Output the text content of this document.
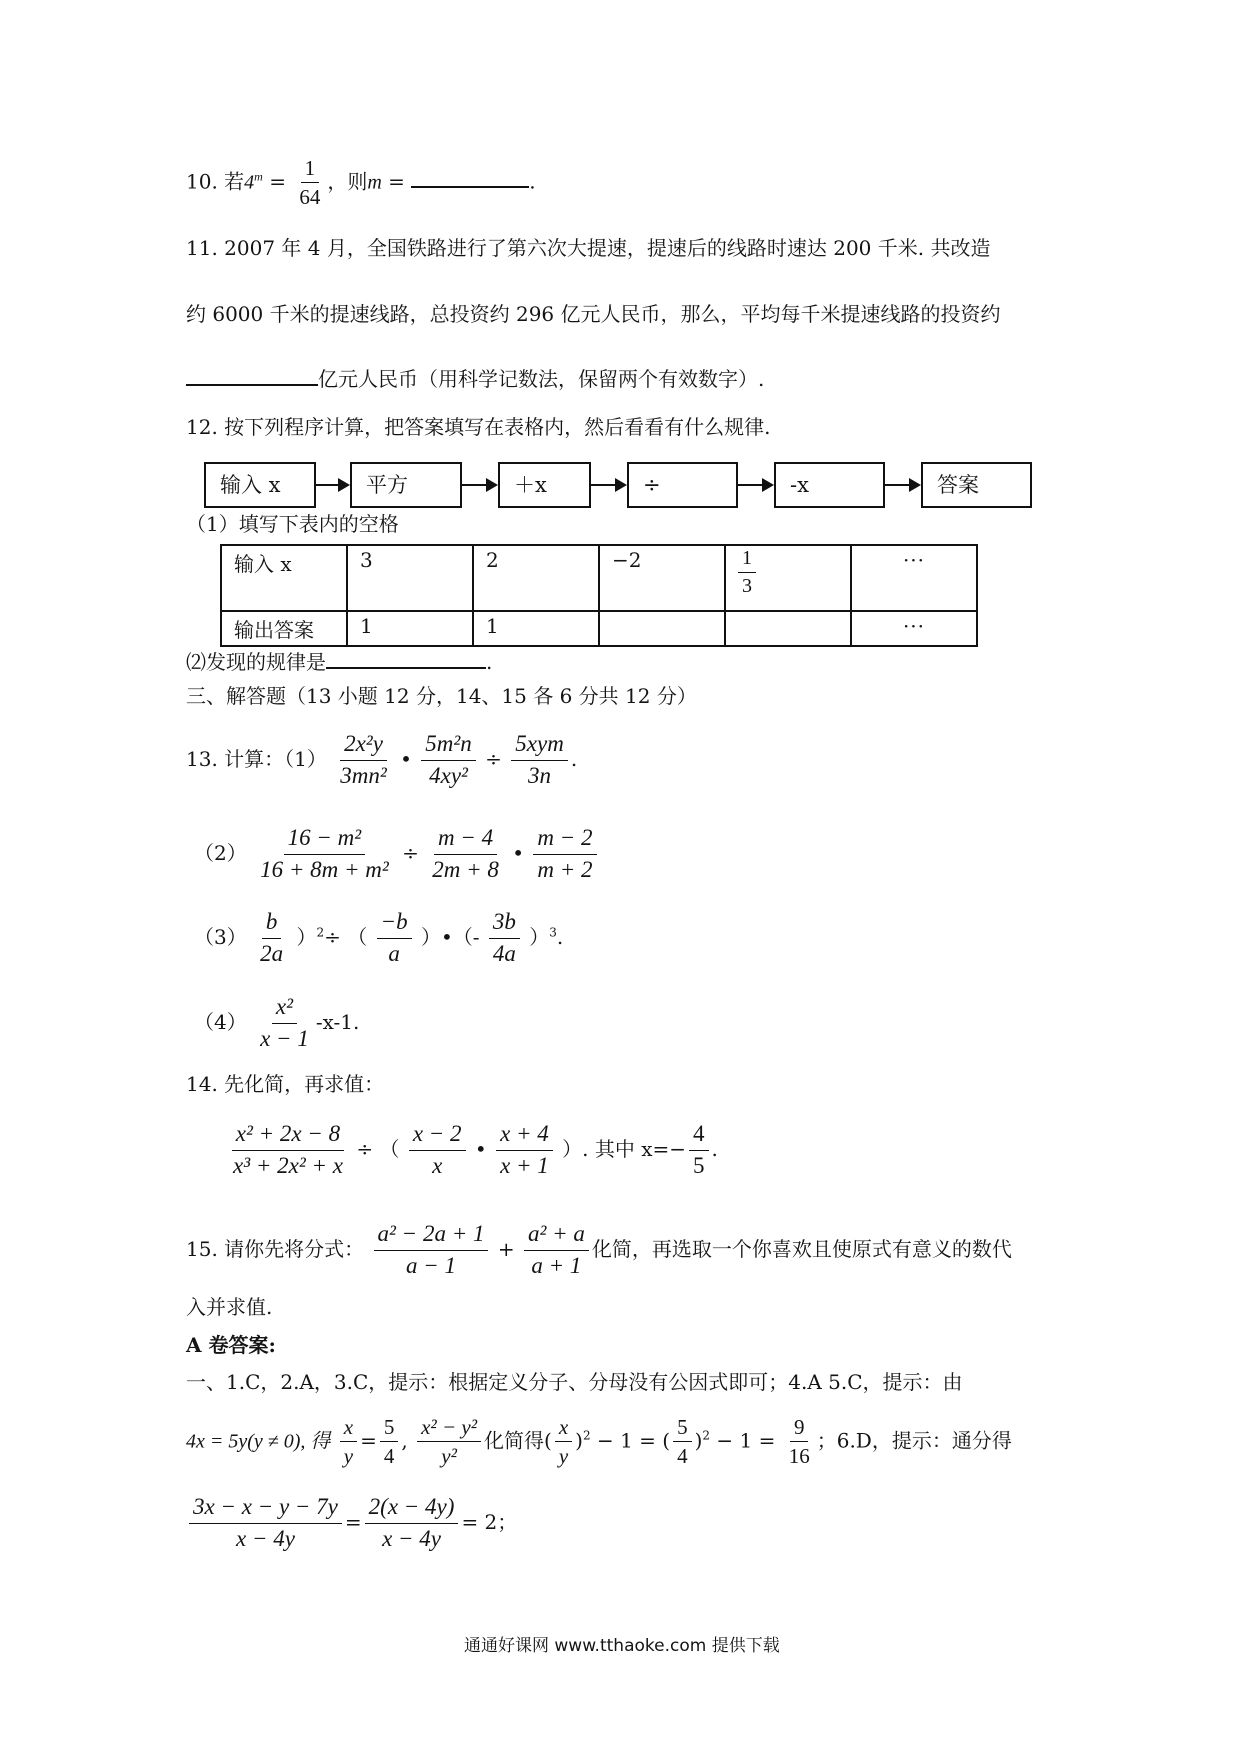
10. 若$4^m = \frac{1}{64}$ ，则m =	.
11. 2007 年 4 月，全国铁路进行了第六次大提速，提速后的线路时速达 200 千米. 共改造
约 6000 千米的提速线路，总投资约 296 亿元人民币，那么，平均每千米提速线路的投资约
亿元人民币（用科学记数法，保留两个有效数字）.
12. 按下列程序计算，把答案填写在表格内，然后看看有什么规律.
输入 x	平方	＋x	÷	-x	答案
（1）填写下表内的空格
输入 x	3	2	−2	$\frac{1}{3}$	···
输出答案	1	1			···
⑵发现的规律是	.
三、解答题（13 小题 12 分，14、15 各 6 分共 12 分）
13. 计算：$(1) \frac{\text{2x²y}}{\text{3mn²}}$ • $\frac{\text{5m²n}}{\text{4xy²}} \div \frac{\text{5xym}}{3n}$ .
$(2) \frac{\text{16 − m²}}{\text{16 + 8m + m²}} \div \frac{m - 4}{2m + 8}$ • $\frac{m - 2}{m + 2}$
$(3) \frac{b}{2a} )^2\div$ （ $\frac{-b}{a}$ ）•（- $\frac{3b}{4a} )^3$.
$(4) \frac{\text{x²}}{x - 1} -x-1$.
14. 先化简，再求值：
$\frac{\text{x² + 2x − 8}}{\text{x³ + 2x² + x}}$ ÷ （ $\frac{x - 2}{x}$ • $\frac{x + 4}{x + 1}$ ）. 其中 $x=- \frac{4}{5}$ .
15. 请你先将分式： $\frac{\text{a² − 2a + 1}}{a - 1} + \frac{\text{a² + a}}{a + 1}$ 化简，再选取一个你喜欢且使原式有意义的数代
入并求值.
A 卷答案:
一、1.C，2.A，3.C，提示：根据定义分子、分母没有公因式即可；4.A 5.C，提示：由
4x = 5y(y ≠ 0), 得 $\frac{x}{y} = \frac{5}{4}$ , $\frac{\text{x² − y²}}{\text{y²}}$ 化简得( $\frac{x}{y} )^2 - 1$ = ( $\frac{5}{4} )^2 - 1 = \frac{9}{16}$ ；6.D，提示：通分得
$\frac{3x - x - y - 7y}{x - 4y} = \frac{2(x - 4y)}{x - 4y} = 2$；
通通好课网 www.tthaoke.com 提供下载
